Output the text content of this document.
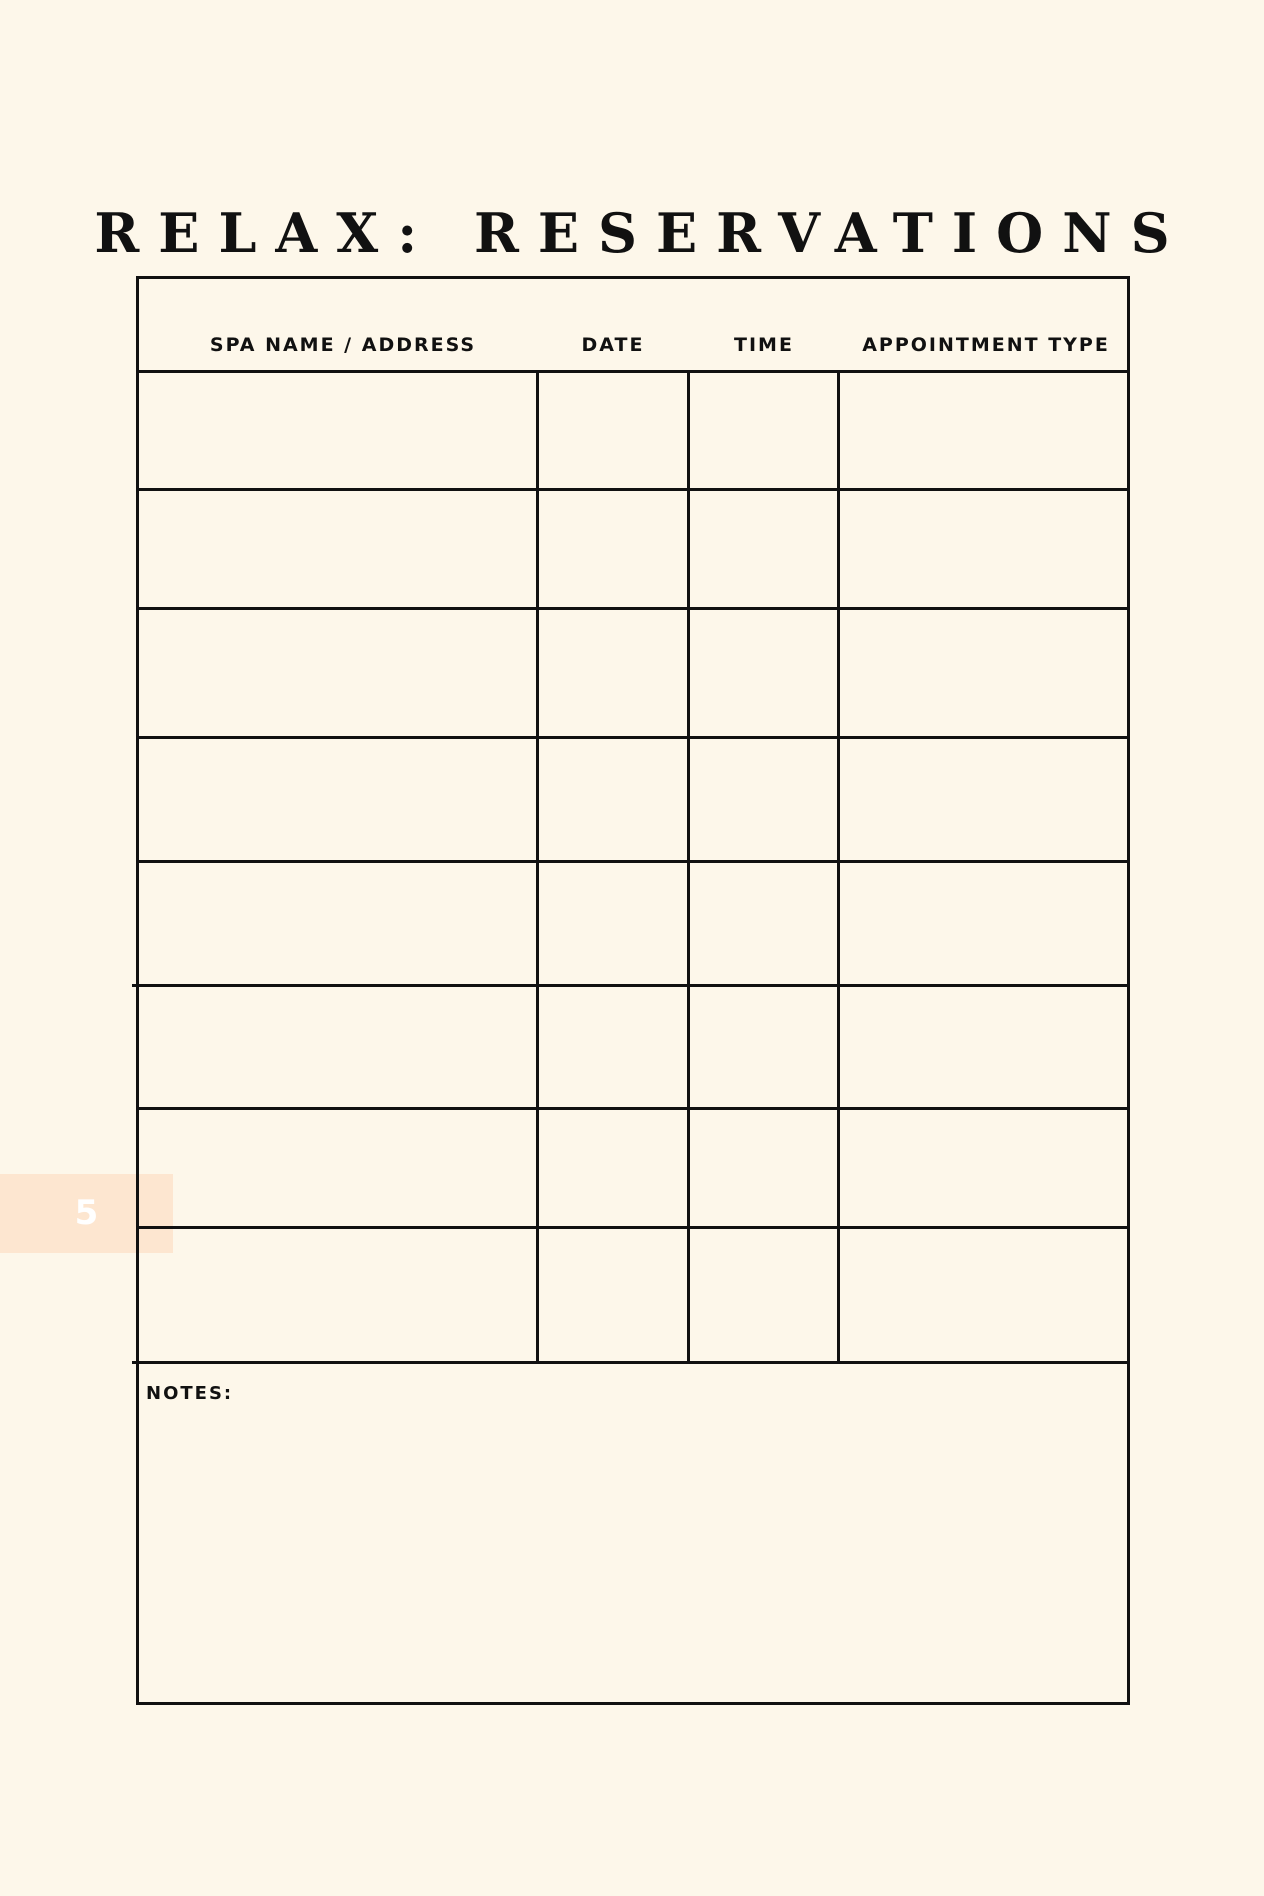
RELAX: RESERVATIONS
5
SPA NAME / ADDRESS	DATE	TIME	APPOINTMENT TYPE
NOTES:
